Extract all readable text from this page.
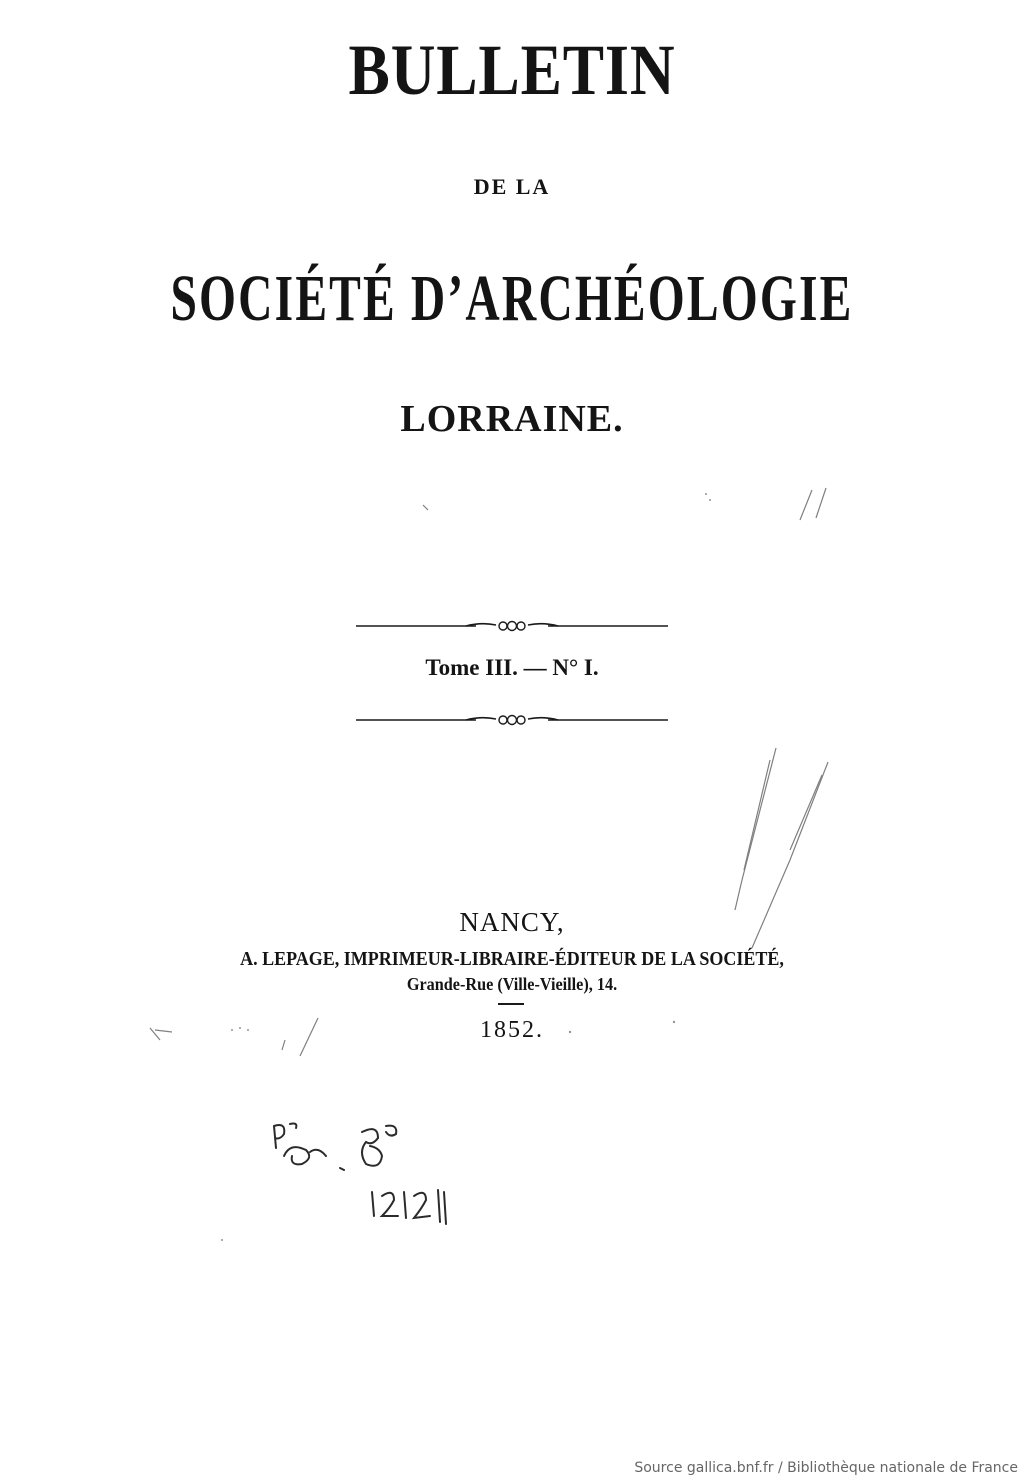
BULLETIN
DE LA
SOCIÉTÉ D’ARCHÉOLOGIE
LORRAINE.
Tome III. — N° I.
NANCY,
A. LEPAGE, IMPRIMEUR-LIBRAIRE-ÉDITEUR DE LA SOCIÉTÉ,
Grande-Rue (Ville-Vieille), 14.
1852.
Source gallica.bnf.fr / Bibliothèque nationale de France
